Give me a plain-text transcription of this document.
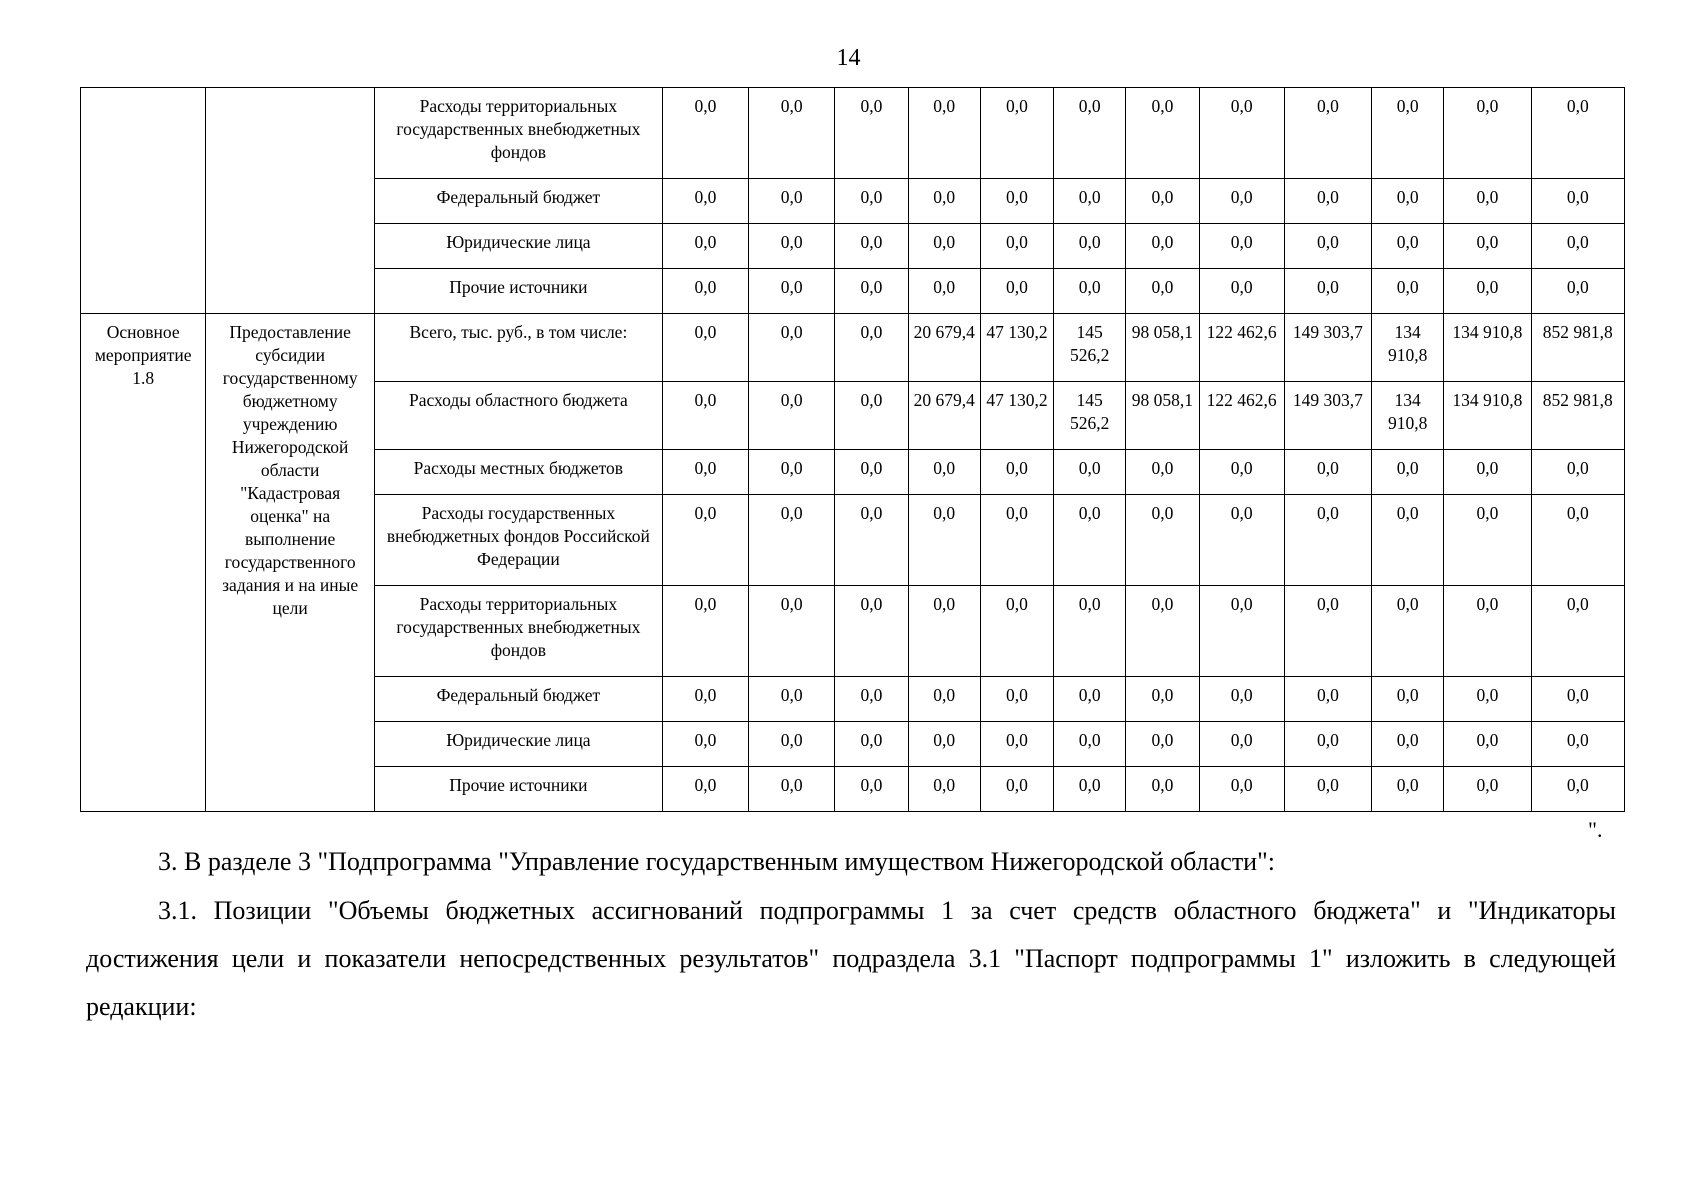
14
		Расходы территориальных государственных внебюджетных фондов	0,0	0,0	0,0	0,0	0,0	0,0	0,0	0,0	0,0	0,0	0,0	0,0
		Федеральный бюджет	0,0	0,0	0,0	0,0	0,0	0,0	0,0	0,0	0,0	0,0	0,0	0,0
		Юридические лица	0,0	0,0	0,0	0,0	0,0	0,0	0,0	0,0	0,0	0,0	0,0	0,0
		Прочие источники	0,0	0,0	0,0	0,0	0,0	0,0	0,0	0,0	0,0	0,0	0,0	0,0
Основное мероприятие 1.8	Предоставление субсидии государственному бюджетному учреждению Нижегородской области "Кадастровая оценка" на выполнение государственного задания и на иные цели	Всего, тыс. руб., в том числе:	0,0	0,0	0,0	20 679,4	47 130,2	145 526,2	98 058,1	122 462,6	149 303,7	134 910,8	134 910,8	852 981,8
		Расходы областного бюджета	0,0	0,0	0,0	20 679,4	47 130,2	145 526,2	98 058,1	122 462,6	149 303,7	134 910,8	134 910,8	852 981,8
		Расходы местных бюджетов	0,0	0,0	0,0	0,0	0,0	0,0	0,0	0,0	0,0	0,0	0,0	0,0
		Расходы государственных внебюджетных фондов Российской Федерации	0,0	0,0	0,0	0,0	0,0	0,0	0,0	0,0	0,0	0,0	0,0	0,0
		Расходы территориальных государственных внебюджетных фондов	0,0	0,0	0,0	0,0	0,0	0,0	0,0	0,0	0,0	0,0	0,0	0,0
		Федеральный бюджет	0,0	0,0	0,0	0,0	0,0	0,0	0,0	0,0	0,0	0,0	0,0	0,0
		Юридические лица	0,0	0,0	0,0	0,0	0,0	0,0	0,0	0,0	0,0	0,0	0,0	0,0
		Прочие источники	0,0	0,0	0,0	0,0	0,0	0,0	0,0	0,0	0,0	0,0	0,0	0,0
".
3. В разделе 3 "Подпрограмма "Управление государственным имуществом Нижегородской области":
3.1. Позиции "Объемы бюджетных ассигнований подпрограммы 1 за счет средств областного бюджета" и "Индикаторы достижения цели и показатели непосредственных результатов" подраздела 3.1 "Паспорт подпрограммы 1" изложить в следующей редакции:
